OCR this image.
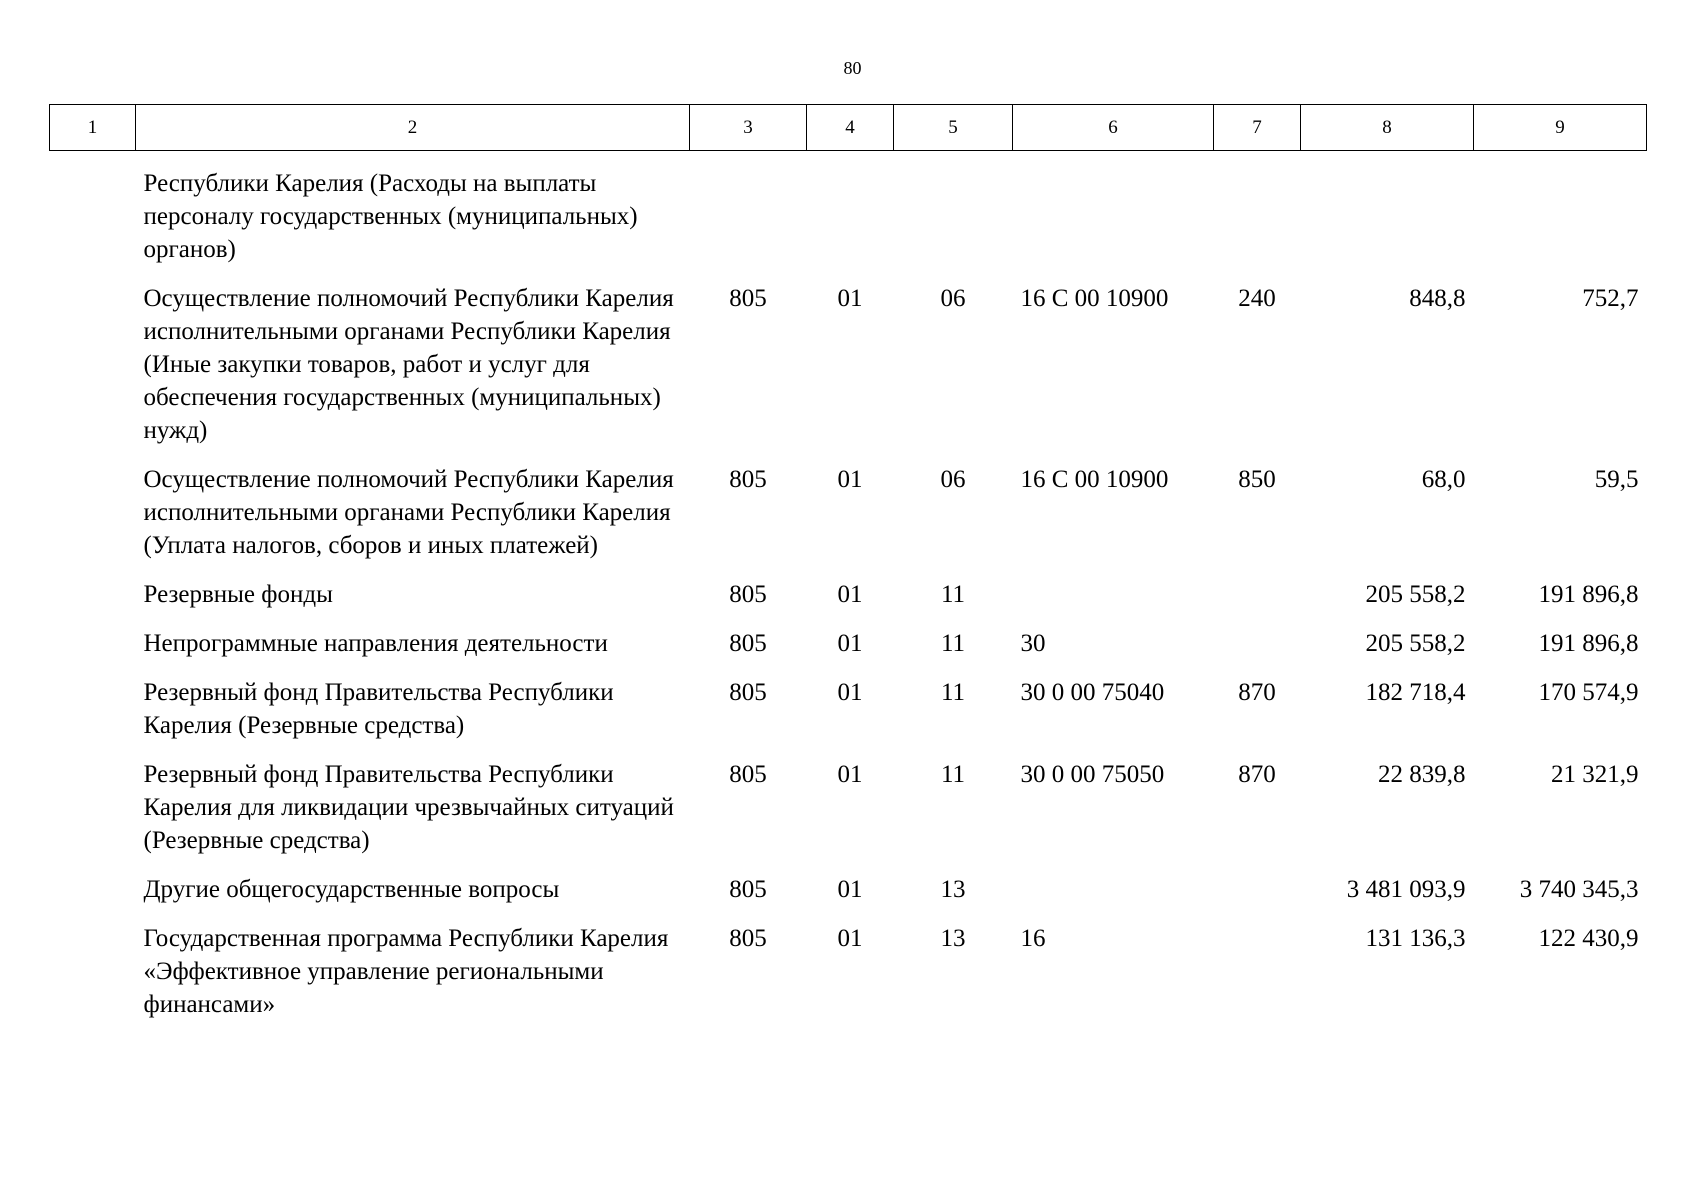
80
1	2	3	4	5	6	7	8	9

	Республики Карелия (Расходы на выплаты персоналу государственных (муниципальных) органов)							

	Осуществление полномочий Республики Карелия исполнительными органами Республики Карелия (Иные закупки товаров, работ и услуг для обеспечения государственных (муниципальных) нужд)	805	01	06	16 С 00 10900	240	848,8	752,7

	Осуществление полномочий Республики Карелия исполнительными органами Республики Карелия (Уплата налогов, сборов и иных платежей)	805	01	06	16 С 00 10900	850	68,0	59,5

	Резервные фонды	805	01	11			205 558,2	191 896,8

	Непрограммные направления деятельности	805	01	11	30		205 558,2	191 896,8

	Резервный фонд Правительства Республики Карелия (Резервные средства)	805	01	11	30 0 00 75040	870	182 718,4	170 574,9

	Резервный фонд Правительства Республики Карелия для ликвидации чрезвычайных ситуаций (Резервные средства)	805	01	11	30 0 00 75050	870	22 839,8	21 321,9

	Другие общегосударственные вопросы	805	01	13			3 481 093,9	3 740 345,3

	Государственная программа Республики Карелия «Эффективное управление региональными финансами»	805	01	13	16		131 136,3	122 430,9
